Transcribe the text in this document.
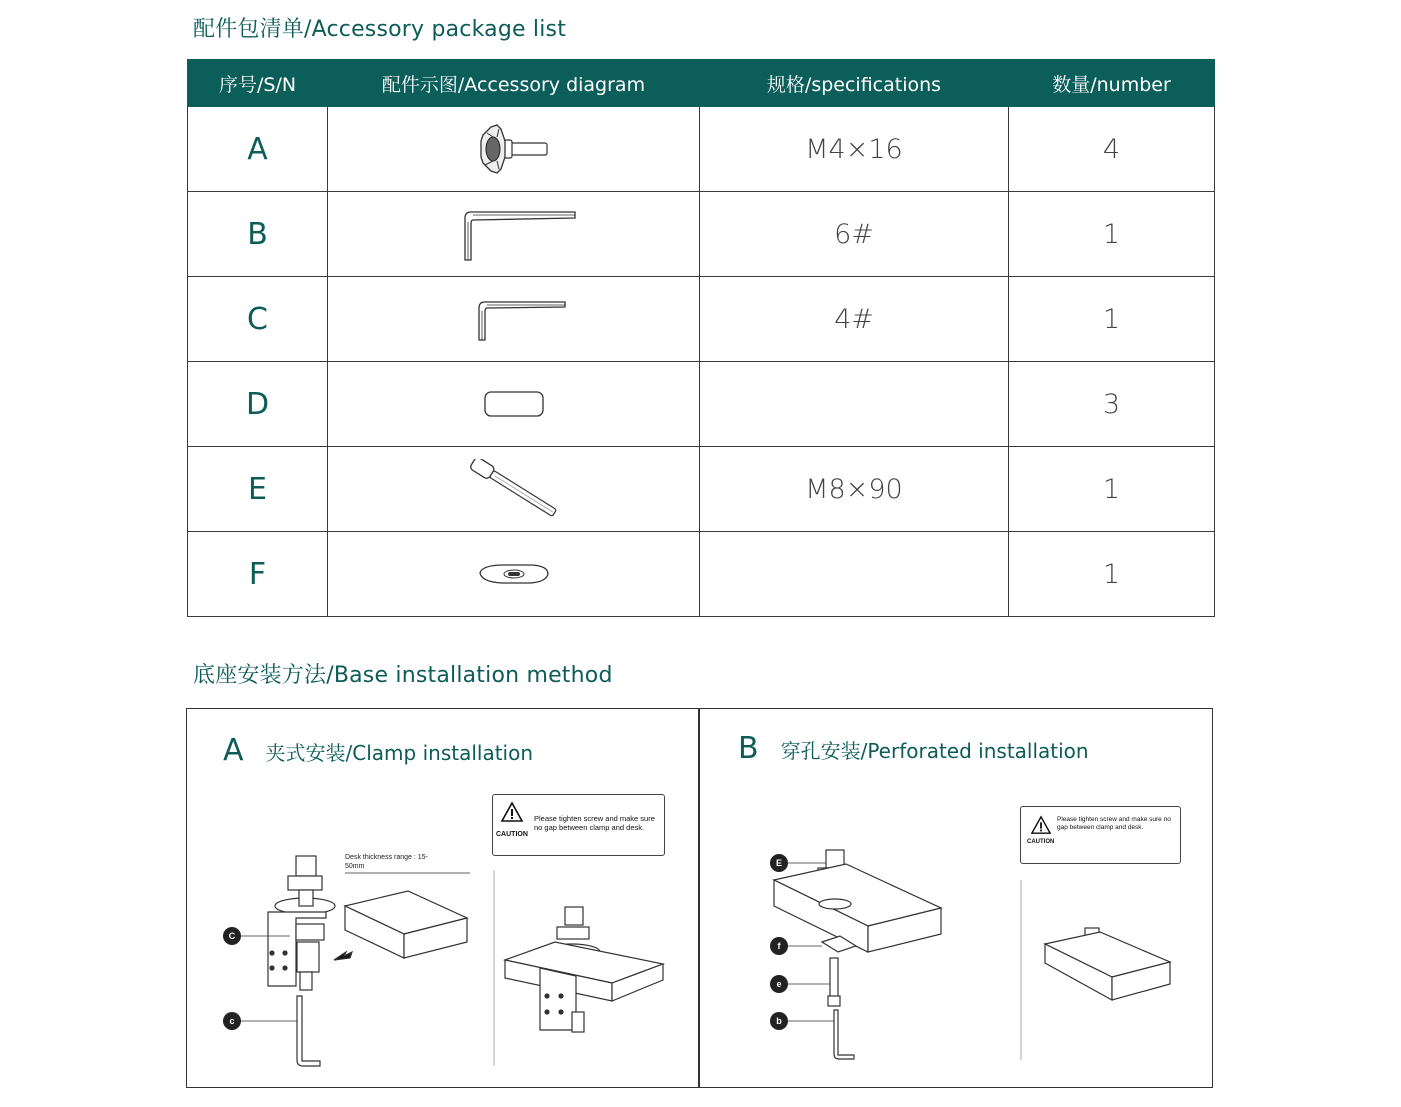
配件包清单/Accessory package list
序号/S/N	配件示图/Accessory diagram	规格/specifications	数量/number
A		M4×16	4
B		6#	1
C		4#	1
D			3
E		M8×90	1
F			1
底座安装方法/Base installation method
A 夹式安装/Clamp installation	B 穿孔安装/Perforated installation
Please tighten screw and make sure no gap between clamp and desk.
CAUTION
Please tighten screw and make sure no gap between clamp and desk.
CAUTION
Desk thickness range : 15-50mm
C
c
E
f
e
b
